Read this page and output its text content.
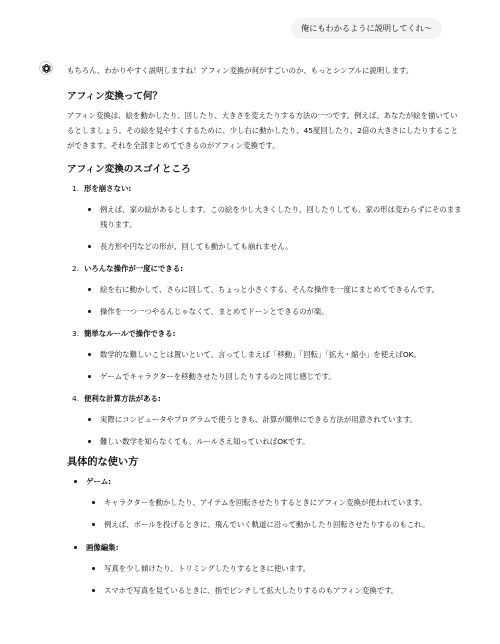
俺にもわかるように説明してくれ〜

もちろん、わかりやすく説明しますね！アフィン変換が何がすごいのか、もっとシンプルに説明します。

アフィン変換って何？

アフィン変換は、絵を動かしたり、回したり、大きさを変えたりする方法の一つです。例えば、あなたが絵を描いているとしましょう。その絵を見やすくするために、少し右に動かしたり、45度回したり、2倍の大きさにしたりすることができます。それを全部まとめてできるのがアフィン変換です。

アフィン変換のスゴイところ
1. 形を崩さない:
例えば、家の絵があるとします。この絵を少し大きくしたり、回したりしても、家の形は変わらずにそのまま残ります。
長方形や円などの形が、回しても動かしても崩れません。
2. いろんな操作が一度にできる:
絵を右に動かして、さらに回して、ちょっと小さくする、そんな操作を一度にまとめてできるんです。
操作を一つ一つやるんじゃなくて、まとめてドーンとできるのが楽。
3. 簡単なルールで操作できる:
数学的な難しいことは置いといて、言ってしまえば「移動」「回転」「拡大・縮小」を使えばOK。
ゲームでキャラクターを移動させたり回したりするのと同じ感じです。
4. 便利な計算方法がある:
実際にコンピュータやプログラムで使うときも、計算が簡単にできる方法が用意されています。
難しい数学を知らなくても、ルールさえ知っていればOKです。
具体的な使い方
ゲーム:
キャラクターを動かしたり、アイテムを回転させたりするときにアフィン変換が使われています。
例えば、ボールを投げるときに、飛んでいく軌道に沿って動かしたり回転させたりするのもこれ。
画像編集:
写真を少し傾けたり、トリミングしたりするときに使います。
スマホで写真を見ているときに、指でピンチして拡大したりするのもアフィン変換です。
